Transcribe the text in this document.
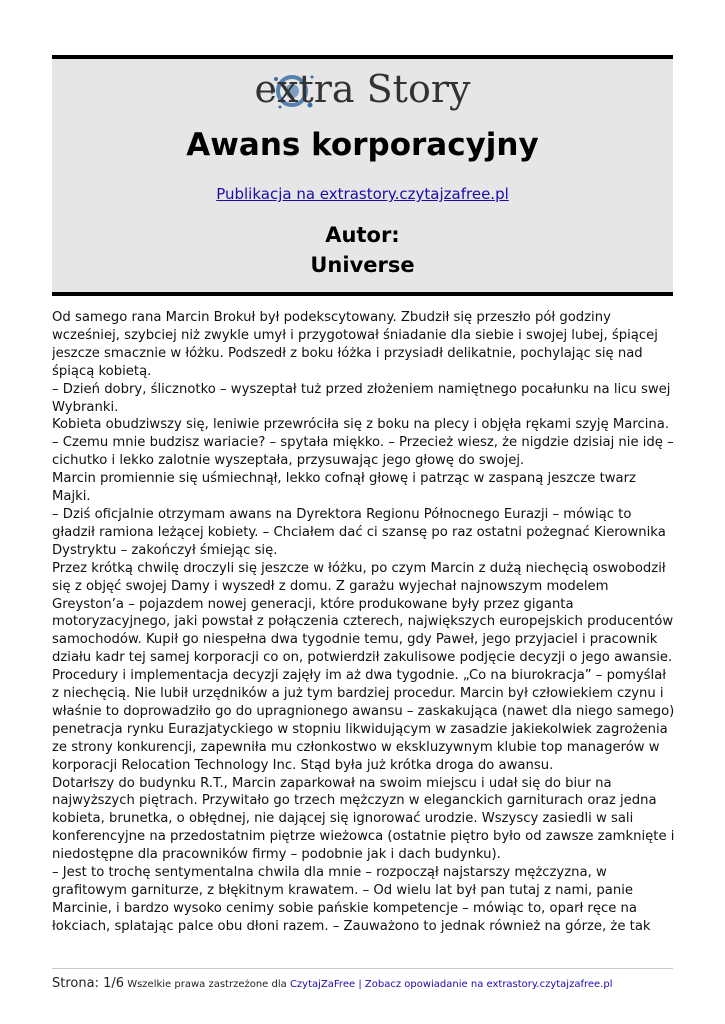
extra Story
Awans korporacyjny
Publikacja na extrastory.czytajzafree.pl
Autor:
Universe

Od samego rana Marcin Brokuł był podekscytowany. Zbudził się przeszło pół godziny wcześniej, szybciej niż zwykle umył i przygotował śniadanie dla siebie i swojej lubej, śpiącej jeszcze smacznie w łóżku. Podszedł z boku łóżka i przysiadł delikatnie, pochylając się nad śpiącą kobietą.

– Dzień dobry, ślicznotko – wyszeptał tuż przed złożeniem namiętnego pocałunku na licu swej Wybranki.

Kobieta obudziwszy się, leniwie przewróciła się z boku na plecy i objęła rękami szyję Marcina.

– Czemu mnie budzisz wariacie? – spytała miękko. – Przecież wiesz, że nigdzie dzisiaj nie idę – cichutko i lekko zalotnie wyszeptała, przysuwając jego głowę do swojej.

Marcin promiennie się uśmiechnął, lekko cofnął głowę i patrząc w zaspaną jeszcze twarz Majki.

– Dziś oficjalnie otrzymam awans na Dyrektora Regionu Północnego Eurazji – mówiąc to gładził ramiona leżącej kobiety. – Chciałem dać ci szansę po raz ostatni pożegnać Kierownika Dystryktu – zakończył śmiejąc się.

Przez krótką chwilę droczyli się jeszcze w łóżku, po czym Marcin z dużą niechęcią oswobodził się z objęć swojej Damy i wyszedł z domu. Z garażu wyjechał najnowszym modelem Greyston’a – pojazdem nowej generacji, które produkowane były przez giganta motoryzacyjnego, jaki powstał z połączenia czterech, największych europejskich producentów samochodów. Kupił go niespełna dwa tygodnie temu, gdy Paweł, jego przyjaciel i pracownik działu kadr tej samej korporacji co on, potwierdził zakulisowe podjęcie decyzji o jego awansie. Procedury i implementacja decyzji zajęły im aż dwa tygodnie. „Co na biurokracja” – pomyślał z niechęcią. Nie lubił urzędników a już tym bardziej procedur. Marcin był człowiekiem czynu i właśnie to doprowadziło go do upragnionego awansu – zaskakująca (nawet dla niego samego) penetracja rynku Eurazjatyckiego w stopniu likwidującym w zasadzie jakiekolwiek zagrożenia ze strony konkurencji, zapewniła mu członkostwo w ekskluzywnym klubie top managerów w korporacji Relocation Technology Inc. Stąd była już krótka droga do awansu.

Dotarłszy do budynku R.T., Marcin zaparkował na swoim miejscu i udał się do biur na najwyższych piętrach. Przywitało go trzech mężczyzn w eleganckich garniturach oraz jedna kobieta, brunetka, o obłędnej, nie dającej się ignorować urodzie. Wszyscy zasiedli w sali konferencyjne na przedostatnim piętrze wieżowca (ostatnie piętro było od zawsze zamknięte i niedostępne dla pracowników firmy – podobnie jak i dach budynku).

– Jest to trochę sentymentalna chwila dla mnie – rozpoczął najstarszy mężczyzna, w grafitowym garniturze, z błękitnym krawatem. – Od wielu lat był pan tutaj z nami, panie Marcinie, i bardzo wysoko cenimy sobie pańskie kompetencje – mówiąc to, oparł ręce na łokciach, splatając palce obu dłoni razem. – Zauważono to jednak również na górze, że tak

Strona: 1/6 Wszelkie prawa zastrzeżone dla CzytajZaFree | Zobacz opowiadanie na extrastory.czytajzafree.pl
